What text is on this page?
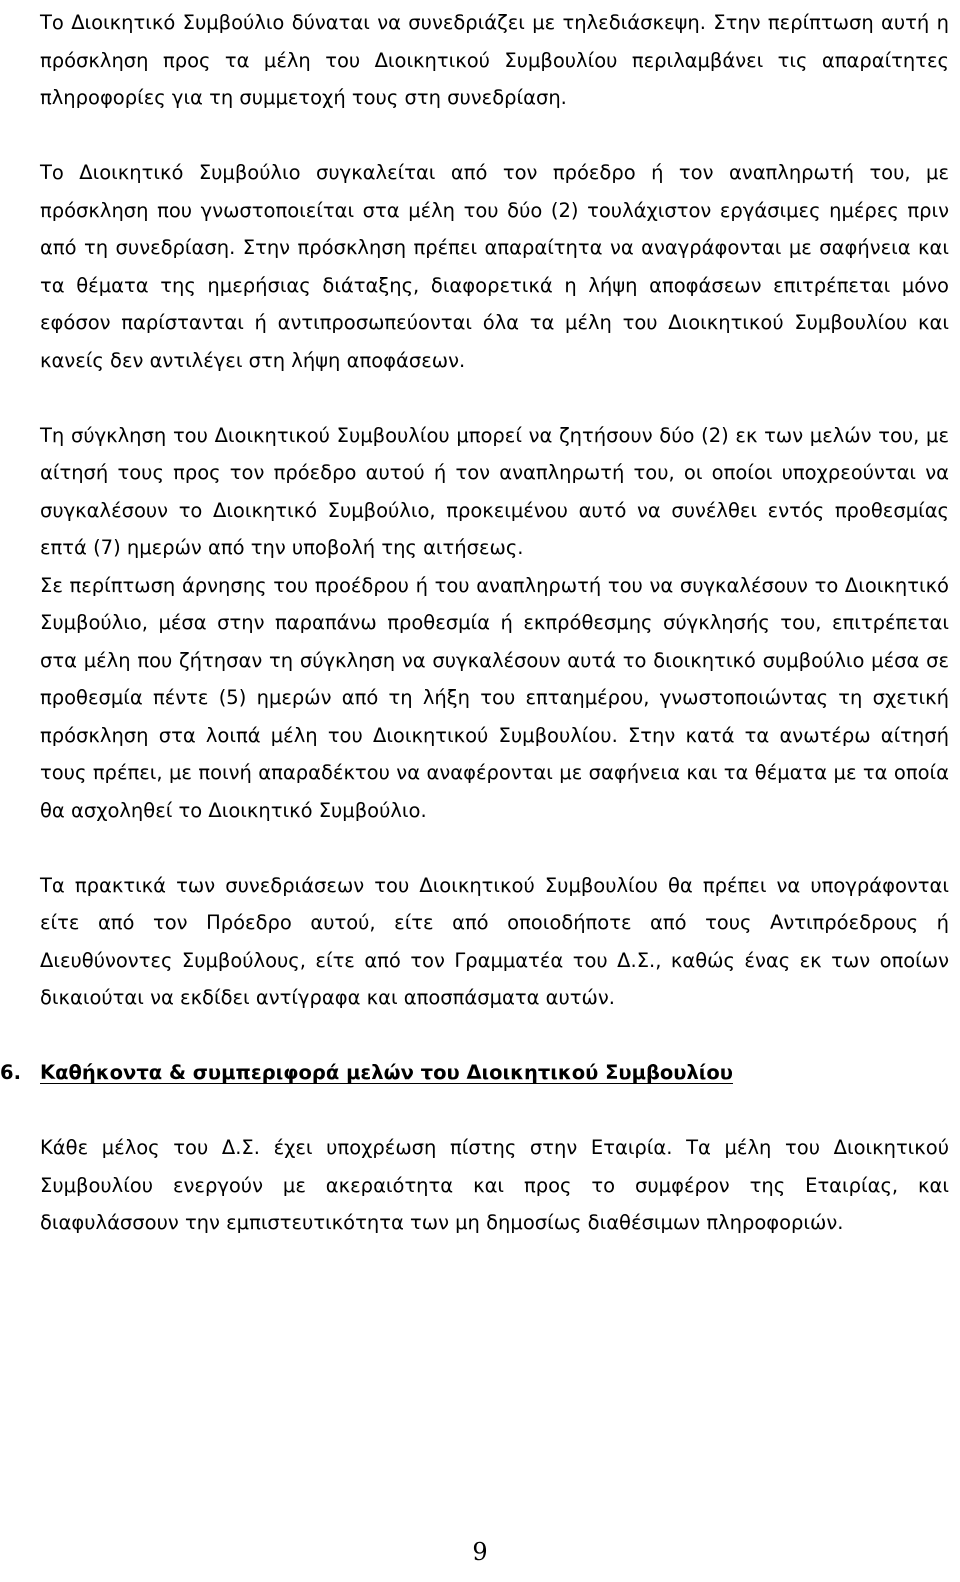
Το Διοικητικό Συμβούλιο δύναται να συνεδριάζει με τηλεδιάσκεψη. Στην περίπτωση αυτή η πρόσκληση προς τα μέλη του Διοικητικού Συμβουλίου περιλαμβάνει τις απαραίτητες πληροφορίες για τη συμμετοχή τους στη συνεδρίαση.

Το Διοικητικό Συμβούλιο συγκαλείται από τον πρόεδρο ή τον αναπληρωτή του, με πρόσκληση που γνωστοποιείται στα μέλη του δύο (2) τουλάχιστον εργάσιμες ημέρες πριν από τη συνεδρίαση. Στην πρόσκληση πρέπει απαραίτητα να αναγράφονται με σαφήνεια και τα θέματα της ημερήσιας διάταξης, διαφορετικά η λήψη αποφάσεων επιτρέπεται μόνο εφόσον παρίστανται ή αντιπροσωπεύονται όλα τα μέλη του Διοικητικού Συμβουλίου και κανείς δεν αντιλέγει στη λήψη αποφάσεων.

Τη σύγκληση του Διοικητικού Συμβουλίου μπορεί να ζητήσουν δύο (2) εκ των μελών του, με αίτησή τους προς τον πρόεδρο αυτού ή τον αναπληρωτή του, οι οποίοι υποχρεούνται να συγκαλέσουν το Διοικητικό Συμβούλιο, προκειμένου αυτό να συνέλθει εντός προθεσμίας επτά (7) ημερών από την υποβολή της αιτήσεως.

Σε περίπτωση άρνησης του προέδρου ή του αναπληρωτή του να συγκαλέσουν το Διοικητικό Συμβούλιο, μέσα στην παραπάνω προθεσμία ή εκπρόθεσμης σύγκλησής του, επιτρέπεται στα μέλη που ζήτησαν τη σύγκληση να συγκαλέσουν αυτά το διοικητικό συμβούλιο μέσα σε προθεσμία πέντε (5) ημερών από τη λήξη του επταημέρου, γνωστοποιώντας τη σχετική πρόσκληση στα λοιπά μέλη του Διοικητικού Συμβουλίου. Στην κατά τα ανωτέρω αίτησή τους πρέπει, με ποινή απαραδέκτου να αναφέρονται με σαφήνεια και τα θέματα με τα οποία θα ασχοληθεί το Διοικητικό Συμβούλιο.

Τα πρακτικά των συνεδριάσεων του Διοικητικού Συμβουλίου θα πρέπει να υπογράφονται είτε από τον Πρόεδρο αυτού, είτε από οποιοδήποτε από τους Αντιπρόεδρους ή Διευθύνοντες Συμβούλους, είτε από τον Γραμματέα του Δ.Σ., καθώς ένας εκ των οποίων δικαιούται να εκδίδει αντίγραφα και αποσπάσματα αυτών.

6. Καθήκοντα & συμπεριφορά μελών του Διοικητικού Συμβουλίου

Κάθε μέλος του Δ.Σ. έχει υποχρέωση πίστης στην Εταιρία. Τα μέλη του Διοικητικού Συμβουλίου ενεργούν με ακεραιότητα και προς το συμφέρον της Εταιρίας, και διαφυλάσσουν την εμπιστευτικότητα των μη δημοσίως διαθέσιμων πληροφοριών.

9
